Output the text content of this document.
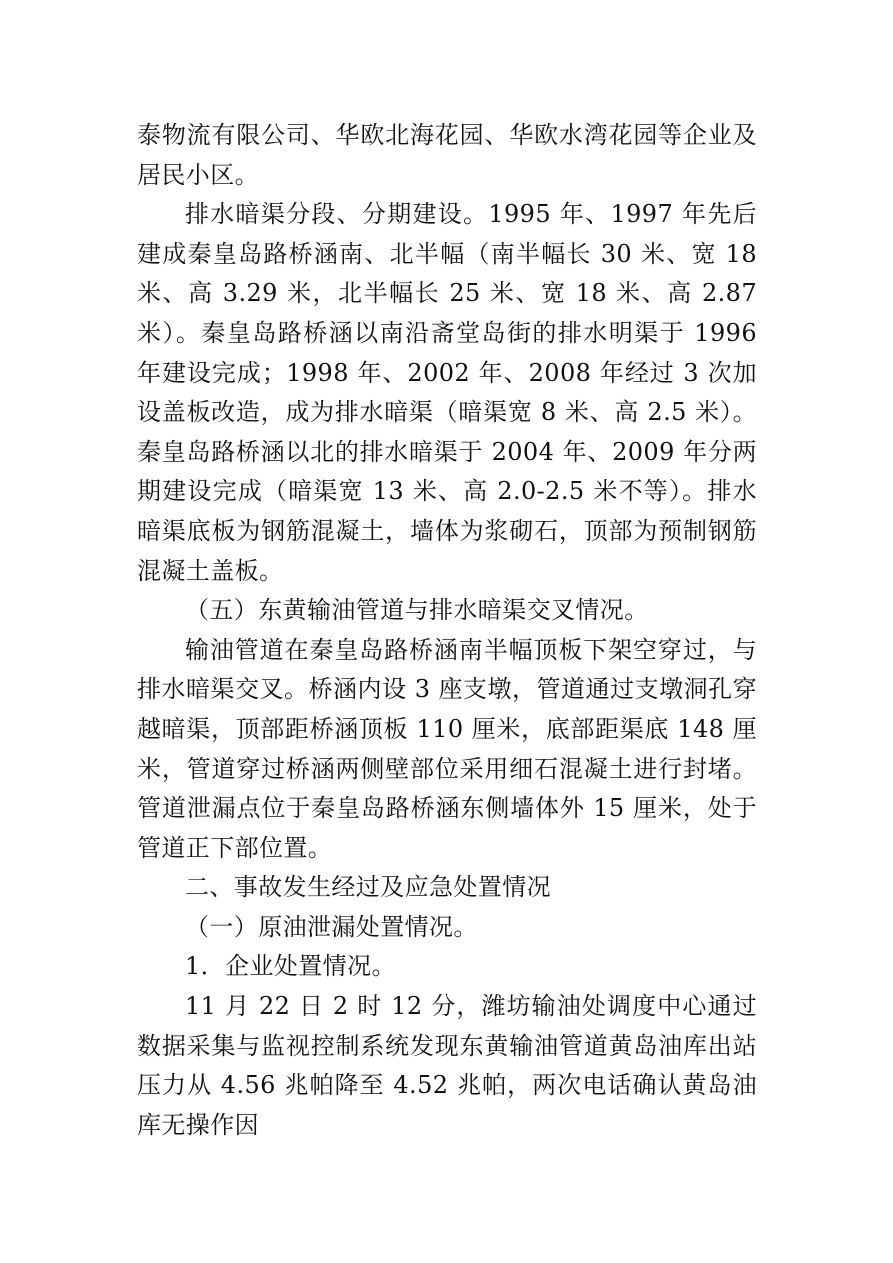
泰物流有限公司、华欧北海花园、华欧水湾花园等企业及居民小区。

排水暗渠分段、分期建设。1995 年、1997 年先后建成秦皇岛路桥涵南、北半幅（南半幅长 30 米、宽 18 米、高 3.29 米，北半幅长 25 米、宽 18 米、高 2.87 米）。秦皇岛路桥涵以南沿斋堂岛街的排水明渠于 1996 年建设完成；1998 年、2002 年、2008 年经过 3 次加设盖板改造，成为排水暗渠（暗渠宽 8 米、高 2.5 米）。秦皇岛路桥涵以北的排水暗渠于 2004 年、2009 年分两期建设完成（暗渠宽 13 米、高 2.0-2.5 米不等）。排水暗渠底板为钢筋混凝土，墙体为浆砌石，顶部为预制钢筋混凝土盖板。

（五）东黄输油管道与排水暗渠交叉情况。

输油管道在秦皇岛路桥涵南半幅顶板下架空穿过，与排水暗渠交叉。桥涵内设 3 座支墩，管道通过支墩洞孔穿越暗渠，顶部距桥涵顶板 110 厘米，底部距渠底 148 厘米，管道穿过桥涵两侧壁部位采用细石混凝土进行封堵。管道泄漏点位于秦皇岛路桥涵东侧墙体外 15 厘米，处于管道正下部位置。

二、事故发生经过及应急处置情况

（一）原油泄漏处置情况。

1．企业处置情况。

11 月 22 日 2 时 12 分，潍坊输油处调度中心通过数据采集与监视控制系统发现东黄输油管道黄岛油库出站压力从 4.56 兆帕降至 4.52 兆帕，两次电话确认黄岛油库无操作因
